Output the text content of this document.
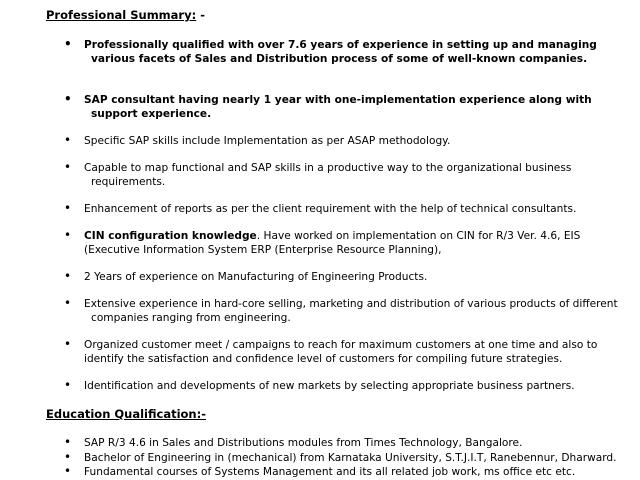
Professional Summary: -
• Professionally qualified with over 7.6 years of experience in setting up and managing
various facets of Sales and Distribution process of some of well-known companies.
• SAP consultant having nearly 1 year with one-implementation experience along with
support experience.
• Specific SAP skills include Implementation as per ASAP methodology.
• Capable to map functional and SAP skills in a productive way to the organizational business
requirements.
• Enhancement of reports as per the client requirement with the help of technical consultants.
• CIN configuration knowledge. Have worked on implementation on CIN for R/3 Ver. 4.6, EIS
(Executive Information System ERP (Enterprise Resource Planning),
• 2 Years of experience on Manufacturing of Engineering Products.
• Extensive experience in hard-core selling, marketing and distribution of various products of different
companies ranging from engineering.
• Organized customer meet / campaigns to reach for maximum customers at one time and also to
identify the satisfaction and confidence level of customers for compiling future strategies.
• Identification and developments of new markets by selecting appropriate business partners.
Education Qualification:-
• SAP R/3 4.6 in Sales and Distributions modules from Times Technology, Bangalore.
• Bachelor of Engineering in (mechanical) from Karnataka University, S.T.J.I.T, Ranebennur, Dharward.
• Fundamental courses of Systems Management and its all related job work, ms office etc etc.
